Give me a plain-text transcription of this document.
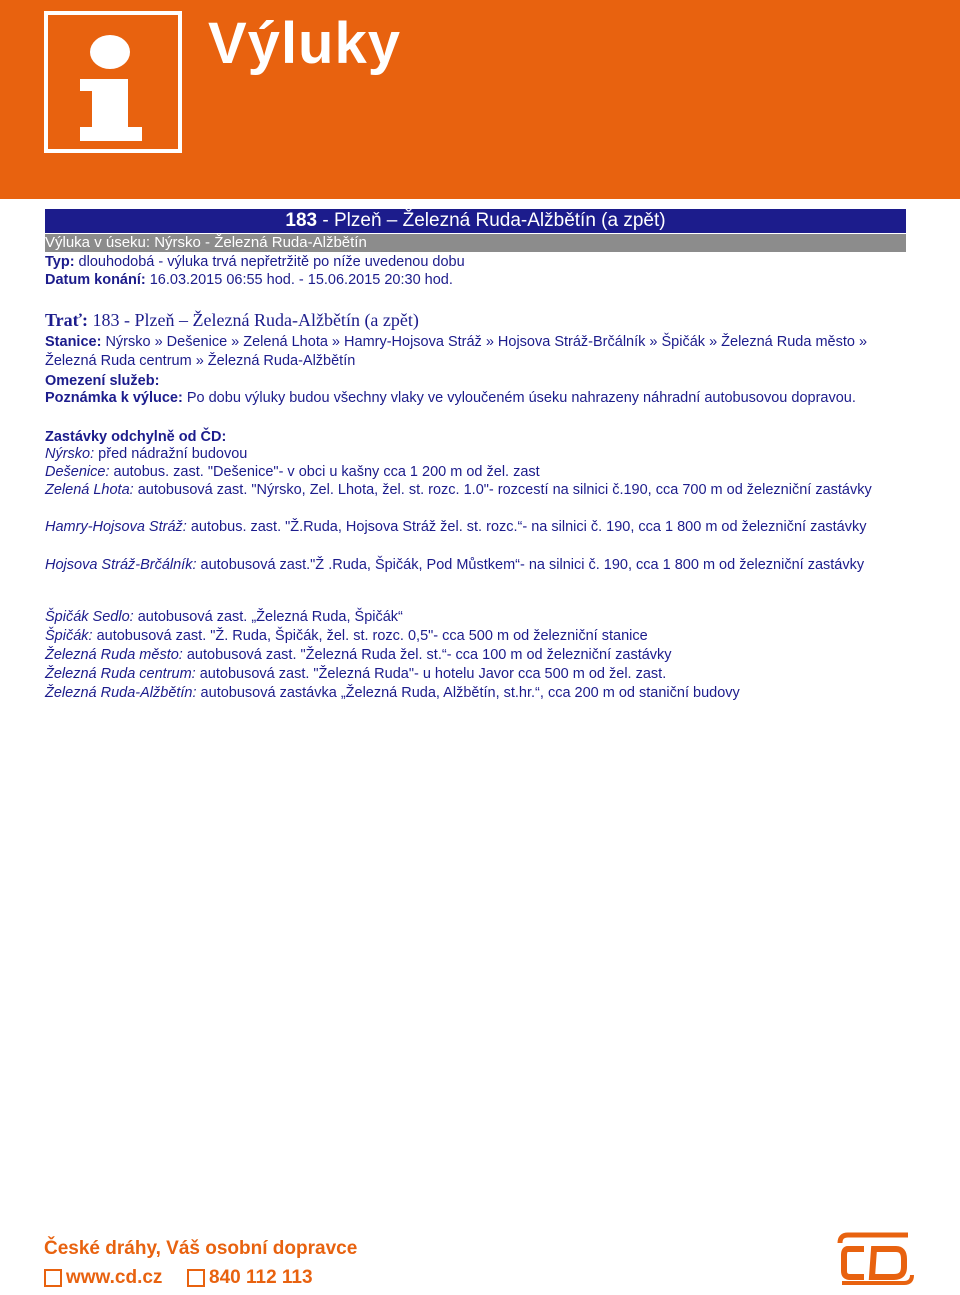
Výluky
183 - Plzeň – Železná Ruda-Alžbětín (a zpět)
Výluka v úseku: Nýrsko - Železná Ruda-Alžbětín
Typ: dlouhodobá - výluka trvá nepřetržitě po níže uvedenou dobu
Datum konání: 16.03.2015 06:55 hod. - 15.06.2015 20:30 hod.
Trať: 183 - Plzeň – Železná Ruda-Alžbětín (a zpět)
Stanice: Nýrsko » Dešenice » Zelená Lhota » Hamry-Hojsova Stráž » Hojsova Stráž-Brčálník » Špičák » Železná Ruda město » Železná Ruda centrum » Železná Ruda-Alžbětín
Omezení služeb:
Poznámka k výluce: Po dobu výluky budou všechny vlaky ve vyloučeném úseku nahrazeny náhradní autobusovou dopravou.
Zastávky odchylně od ČD:
Nýrsko: před nádražní budovou
Dešenice: autobus. zast. "Dešenice"- v obci u kašny cca 1 200 m od žel. zast
Zelená Lhota: autobusová zast. "Nýrsko, Zel. Lhota, žel. st. rozc. 1.0"- rozcestí na silnici č.190, cca 700 m od železniční zastávky
Hamry-Hojsova Stráž: autobus. zast. "Ž.Ruda, Hojsova Stráž žel. st. rozc.“- na silnici č. 190, cca 1 800 m od železniční zastávky
Hojsova Stráž-Brčálník: autobusová zast."Ž .Ruda, Špičák, Pod Můstkem“- na silnici č. 190, cca 1 800 m od železniční zastávky
Špičák Sedlo: autobusová zast. „Železná Ruda, Špičák“
Špičák: autobusová zast. "Ž. Ruda, Špičák, žel. st. rozc. 0,5"- cca 500 m od železniční stanice
Železná Ruda město: autobusová zast. "Železná Ruda žel. st.“- cca 100 m od železniční zastávky
Železná Ruda centrum: autobusová zast. "Železná Ruda"- u hotelu Javor cca 500 m od žel. zast.
Železná Ruda-Alžbětín: autobusová zastávka „Železná Ruda, Alžbětín, st.hr.“, cca 200 m od staniční budovy
České dráhy, Váš osobní dopravce
www.cd.cz 840 112 113
